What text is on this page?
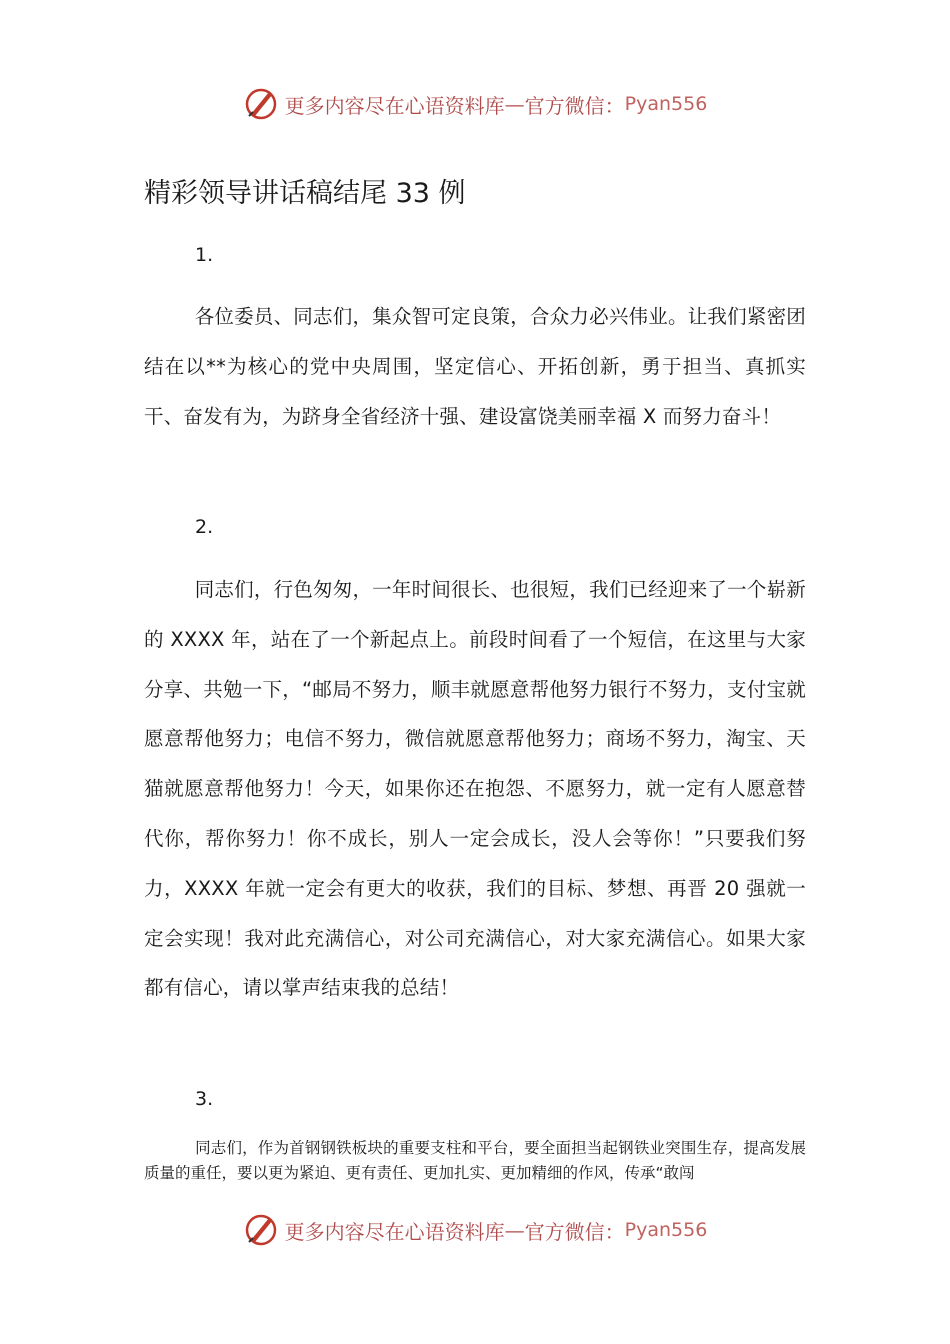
更多内容尽在心语资料库 — 官方微信： Pyan556
精彩领导讲话稿结尾 33 例
1.

各位委员、同志们，集众智可定良策，合众力必兴伟业。让我们紧密团结在以**为核心的党中央周围，坚定信心、开拓创新，勇于担当、真抓实干、奋发有为，为跻身全省经济十强、建设富饶美丽幸福 X 而努力奋斗！

2.

同志们，行色匆匆，一年时间很长、也很短，我们已经迎来了一个崭新的 XXXX 年，站在了一个新起点上。前段时间看了一个短信，在这里与大家分享、共勉一下，“邮局不努力，顺丰就愿意帮他努力银行不努力，支付宝就愿意帮他努力；电信不努力，微信就愿意帮他努力；商场不努力，淘宝、天猫就愿意帮他努力！今天，如果你还在抱怨、不愿努力，就一定有人愿意替代你，帮你努力！你不成长，别人一定会成长，没人会等你！”只要我们努力，XXXX 年就一定会有更大的收获，我们的目标、梦想、再晋 20 强就一定会实现！我对此充满信心，对公司充满信心，对大家充满信心。如果大家都有信心，请以掌声结束我的总结！

3.

同志们，作为首钢钢铁板块的重要支柱和平台，要全面担当起钢铁业突围生存，提高发展质量的重任，要以更为紧迫、更有责任、更加扎实、更加精细的作风，传承“敢闯

更多内容尽在心语资料库 — 官方微信： Pyan556
